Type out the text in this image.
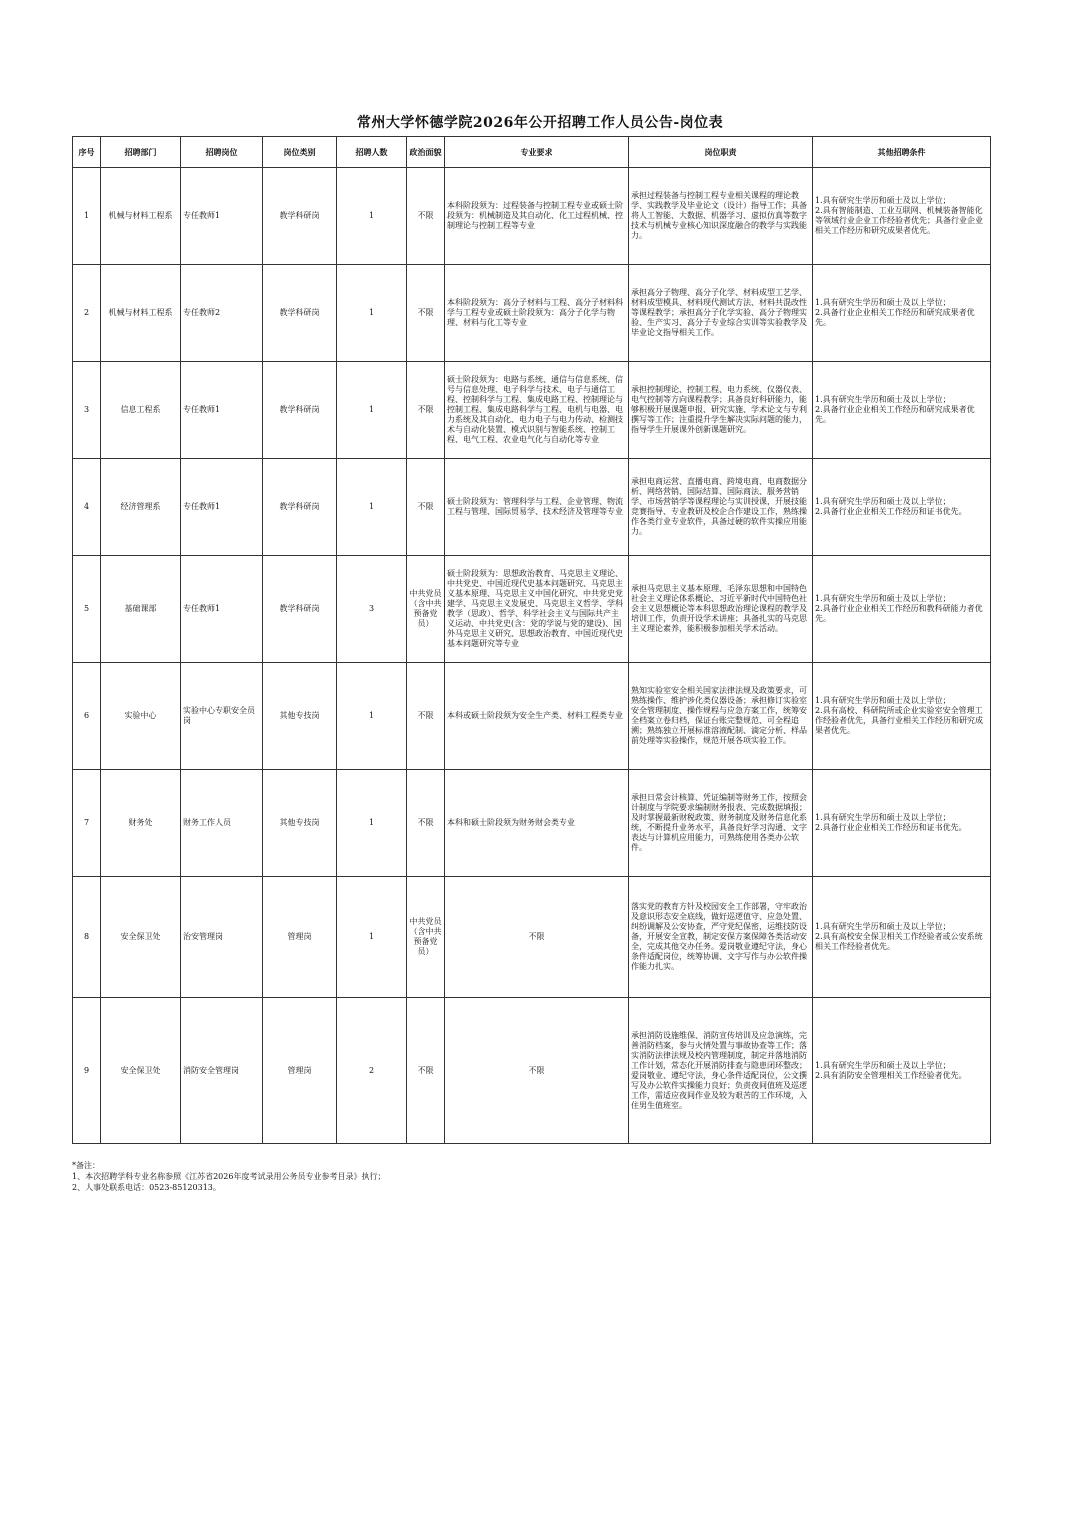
常州大学怀德学院2026年公开招聘工作人员公告-岗位表
序号	招聘部门	招聘岗位	岗位类别	招聘人数	政治面貌	专业要求	岗位职责	其他招聘条件
1	机械与材料工程系	专任教师1	教学科研岗	1	不限	本科阶段须为：过程装备与控制工程专业或硕士阶段须为：机械制造及其自动化、化工过程机械、控制理论与控制工程等专业	承担过程装备与控制工程专业相关课程的理论教学、实践教学及毕业论文（设计）指导工作；具备将人工智能、大数据、机器学习、虚拟仿真等数字技术与机械专业核心知识深度融合的教学与实践能力。	1.具有研究生学历和硕士及以上学位；
2.具有智能制造、工业互联网、机械装备智能化等领域行业企业工作经验者优先；具备行业企业相关工作经历和研究成果者优先。
2	机械与材料工程系	专任教师2	教学科研岗	1	不限	本科阶段须为：高分子材料与工程、高分子材料科学与工程专业或硕士阶段须为：高分子化学与物理、材料与化工等专业	承担高分子物理、高分子化学、材料成型工艺学、材料成型模具、材料现代测试方法、材料共混改性等课程教学；承担高分子化学实验、高分子物理实验、生产实习、高分子专业综合实训等实验教学及毕业论文指导相关工作。	1.具有研究生学历和硕士及以上学位；
2.具备行业企业相关工作经历和研究成果者优先。
3	信息工程系	专任教师1	教学科研岗	1	不限	硕士阶段须为：电路与系统、通信与信息系统、信号与信息处理、电子科学与技术、电子与通信工程、控制科学与工程、集成电路工程、控制理论与控制工程、集成电路科学与工程、电机与电器、电力系统及其自动化、电力电子与电力传动、检测技术与自动化装置、模式识别与智能系统、控制工程、电气工程、农业电气化与自动化等专业	承担控制理论、控制工程、电力系统、仪器仪表、电气控制等方向课程教学；具备良好科研能力，能够积极开展课题申报、研究实施、学术论文与专利撰写等工作；注重提升学生解决实际问题的能力，指导学生开展课外创新课题研究。	1.具有研究生学历和硕士及以上学位；
2.具备行业企业相关工作经历和研究成果者优先。
4	经济管理系	专任教师1	教学科研岗	1	不限	硕士阶段须为：管理科学与工程、企业管理、物流工程与管理、国际贸易学、技术经济及管理等专业	承担电商运营、直播电商、跨境电商、电商数据分析、网络营销、国际结算、国际商法、服务营销学、市场营销学等课程理论与实训授课，开展技能竞赛指导、专业教研及校企合作建设工作，熟练操作各类行业专业软件，具备过硬的软件实操应用能力。	1.具有研究生学历和硕士及以上学位；
2.具备行业企业相关工作经历和证书优先。
5	基础课部	专任教师1	教学科研岗	3	中共党员（含中共预备党员）	硕士阶段须为：思想政治教育、马克思主义理论、中共党史、中国近现代史基本问题研究、马克思主义基本原理、马克思主义中国化研究、中共党史党建学、马克思主义发展史、马克思主义哲学、学科教学（思政）、哲学、科学社会主义与国际共产主义运动、中共党史(含：党的学说与党的建设)、国外马克思主义研究、思想政治教育、中国近现代史基本问题研究等专业	承担马克思主义基本原理、毛泽东思想和中国特色社会主义理论体系概论、习近平新时代中国特色社会主义思想概论等本科思想政治理论课程的教学及培训工作，负责开设学术讲座；具备扎实的马克思主义理论素养，能积极参加相关学术活动。	1.具有研究生学历和硕士及以上学位；
2.具备行业企业相关工作经历和教科研能力者优先。
6	实验中心	实验中心专职安全员岗	其他专技岗	1	不限	本科或硕士阶段须为安全生产类、材料工程类专业	熟知实验室安全相关国家法律法规及政策要求，可熟练操作、维护涉化类仪器设备；承担修订实验室安全管理制度、操作规程与应急方案工作，统筹安全档案立卷归档，保证台账完整规范、可全程追溯；熟练独立开展标准溶液配制、滴定分析、样品前处理等实验操作，规范开展各项实验工作。	1.具有研究生学历和硕士及以上学位；
2.具有高校、科研院所或企业实验室安全管理工作经验者优先，具备行业相关工作经历和研究成果者优先。
7	财务处	财务工作人员	其他专技岗	1	不限	本科和硕士阶段须为财务财会类专业	承担日常会计核算、凭证编制等财务工作，按照会计制度与学院要求编制财务报表、完成数据填报；及时掌握最新财税政策、财务制度及财务信息化系统，不断提升业务水平，具备良好学习沟通、文字表达与计算机应用能力，可熟练使用各类办公软件。	1.具有研究生学历和硕士及以上学位；
2.具备行业企业相关工作经历和证书优先。
8	安全保卫处	治安管理岗	管理岗	1	中共党员（含中共预备党员）	不限	落实党的教育方针及校园安全工作部署，守牢政治及意识形态安全底线，做好巡逻值守、应急处置、纠纷调解及公安协查，严守党纪保密，运维技防设备，开展安全宣教，制定安保方案保障各类活动安全，完成其他交办任务。爱岗敬业遵纪守法，身心条件适配岗位，统筹协调、文字写作与办公软件操作能力扎实。	1.具有研究生学历和硕士及以上学位；
2.具有高校安全保卫相关工作经验者或公安系统相关工作经验者优先。
9	安全保卫处	消防安全管理岗	管理岗	2	不限	不限	承担消防设施维保、消防宣传培训及应急演练，完善消防档案，参与火情处置与事故协查等工作；落实消防法律法规及校内管理制度，制定并落地消防工作计划，常态化开展消防排查与隐患闭环整改；爱岗敬业、遵纪守法，身心条件适配岗位，公文撰写及办公软件实操能力良好；负责夜间值班及巡逻工作，需适应夜间作业及较为艰苦的工作环境，入住男生值班室。	1.具有研究生学历和硕士及以上学位；
2.具有消防安全管理相关工作经验者优先。
*备注：
1、本次招聘学科专业名称参照《江苏省2026年度考试录用公务员专业参考目录》执行；
2、人事处联系电话：0523-85120313。
